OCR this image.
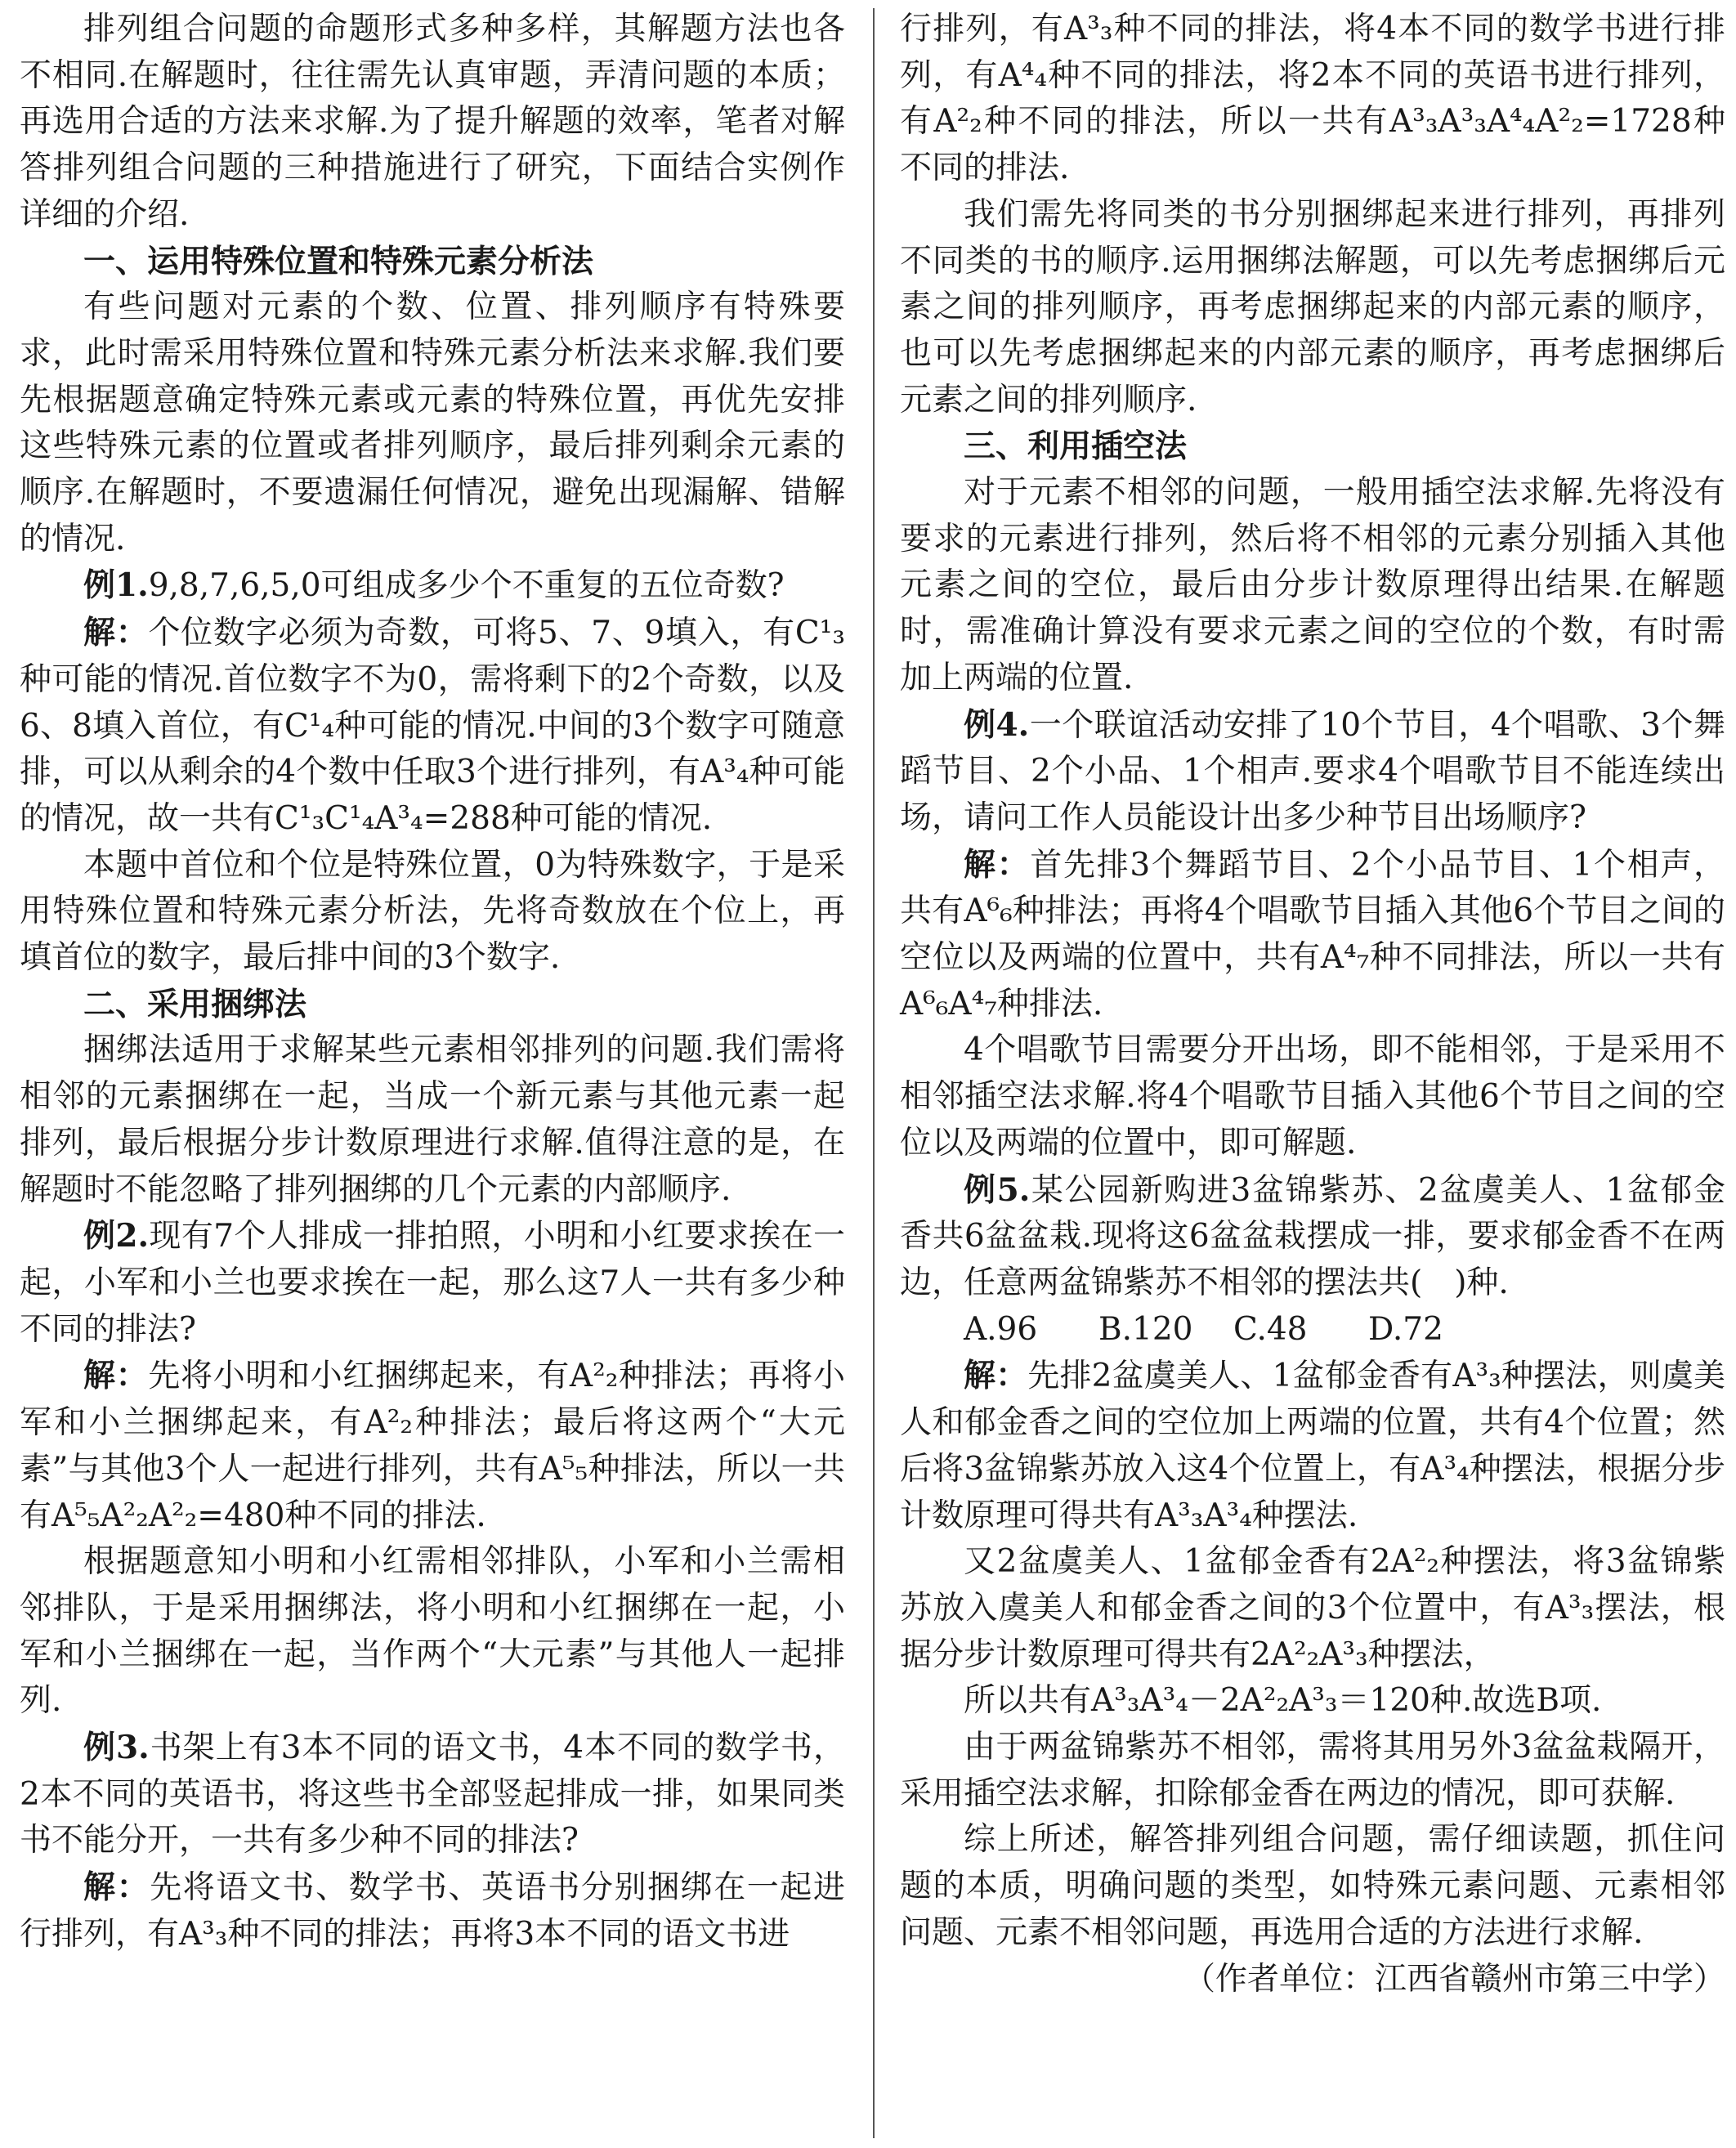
排列组合问题的命题形式多种多样，其解题方法也各不相同.在解题时，往往需先认真审题，弄清问题的本质；再选用合适的方法来求解.为了提升解题的效率，笔者对解答排列组合问题的三种措施进行了研究，下面结合实例作详细的介绍.

一、运用特殊位置和特殊元素分析法

有些问题对元素的个数、位置、排列顺序有特殊要求，此时需采用特殊位置和特殊元素分析法来求解.我们要先根据题意确定特殊元素或元素的特殊位置，再优先安排这些特殊元素的位置或者排列顺序，最后排列剩余元素的顺序.在解题时，不要遗漏任何情况，避免出现漏解、错解的情况.

例1.9,8,7,6,5,0可组成多少个不重复的五位奇数?

解：个位数字必须为奇数，可将5、7、9填入，有C¹₃种可能的情况.首位数字不为0，需将剩下的2个奇数，以及6、8填入首位，有C¹₄种可能的情况.中间的3个数字可随意排，可以从剩余的4个数中任取3个进行排列，有A³₄种可能的情况，故一共有C¹₃C¹₄A³₄=288种可能的情况.

本题中首位和个位是特殊位置，0为特殊数字，于是采用特殊位置和特殊元素分析法，先将奇数放在个位上，再填首位的数字，最后排中间的3个数字.

二、采用捆绑法

捆绑法适用于求解某些元素相邻排列的问题.我们需将相邻的元素捆绑在一起，当成一个新元素与其他元素一起排列，最后根据分步计数原理进行求解.值得注意的是，在解题时不能忽略了排列捆绑的几个元素的内部顺序.

例2.现有7个人排成一排拍照，小明和小红要求挨在一起，小军和小兰也要求挨在一起，那么这7人一共有多少种不同的排法?

解：先将小明和小红捆绑起来，有A²₂种排法；再将小军和小兰捆绑起来，有A²₂种排法；最后将这两个“大元素”与其他3个人一起进行排列，共有A⁵₅种排法，所以一共有A⁵₅A²₂A²₂=480种不同的排法.

根据题意知小明和小红需相邻排队，小军和小兰需相邻排队，于是采用捆绑法，将小明和小红捆绑在一起，小军和小兰捆绑在一起，当作两个“大元素”与其他人一起排列.

例3.书架上有3本不同的语文书，4本不同的数学书，2本不同的英语书，将这些书全部竖起排成一排，如果同类书不能分开，一共有多少种不同的排法?

解：先将语文书、数学书、英语书分别捆绑在一起进行排列，有A³₃种不同的排法；再将3本不同的语文书进

行排列，有A³₃种不同的排法，将4本不同的数学书进行排列，有A⁴₄种不同的排法，将2本不同的英语书进行排列，有A²₂种不同的排法，所以一共有A³₃A³₃A⁴₄A²₂=1728种不同的排法.

我们需先将同类的书分别捆绑起来进行排列，再排列不同类的书的顺序.运用捆绑法解题，可以先考虑捆绑后元素之间的排列顺序，再考虑捆绑起来的内部元素的顺序，也可以先考虑捆绑起来的内部元素的顺序，再考虑捆绑后元素之间的排列顺序.

三、利用插空法

对于元素不相邻的问题，一般用插空法求解.先将没有要求的元素进行排列，然后将不相邻的元素分别插入其他元素之间的空位，最后由分步计数原理得出结果.在解题时，需准确计算没有要求元素之间的空位的个数，有时需加上两端的位置.

例4.一个联谊活动安排了10个节目，4个唱歌、3个舞蹈节目、2个小品、1个相声.要求4个唱歌节目不能连续出场，请问工作人员能设计出多少种节目出场顺序?

解：首先排3个舞蹈节目、2个小品节目、1个相声，共有A⁶₆种排法；再将4个唱歌节目插入其他6个节目之间的空位以及两端的位置中，共有A⁴₇种不同排法，所以一共有A⁶₆A⁴₇种排法.

4个唱歌节目需要分开出场，即不能相邻，于是采用不相邻插空法求解.将4个唱歌节目插入其他6个节目之间的空位以及两端的位置中，即可解题.

例5.某公园新购进3盆锦紫苏、2盆虞美人、1盆郁金香共6盆盆栽.现将这6盆盆栽摆成一排，要求郁金香不在两边，任意两盆锦紫苏不相邻的摆法共(　)种.

A.96 B.120 C.48 D.72

解：先排2盆虞美人、1盆郁金香有A³₃种摆法，则虞美人和郁金香之间的空位加上两端的位置，共有4个位置；然后将3盆锦紫苏放入这4个位置上，有A³₄种摆法，根据分步计数原理可得共有A³₃A³₄种摆法.

又2盆虞美人、1盆郁金香有2A²₂种摆法，将3盆锦紫苏放入虞美人和郁金香之间的3个位置中，有A³₃摆法，根据分步计数原理可得共有2A²₂A³₃种摆法，

所以共有A³₃A³₄－2A²₂A³₃＝120种.故选B项.

由于两盆锦紫苏不相邻，需将其用另外3盆盆栽隔开，采用插空法求解，扣除郁金香在两边的情况，即可获解.

综上所述，解答排列组合问题，需仔细读题，抓住问题的本质，明确问题的类型，如特殊元素问题、元素相邻问题、元素不相邻问题，再选用合适的方法进行求解.

（作者单位：江西省赣州市第三中学）
